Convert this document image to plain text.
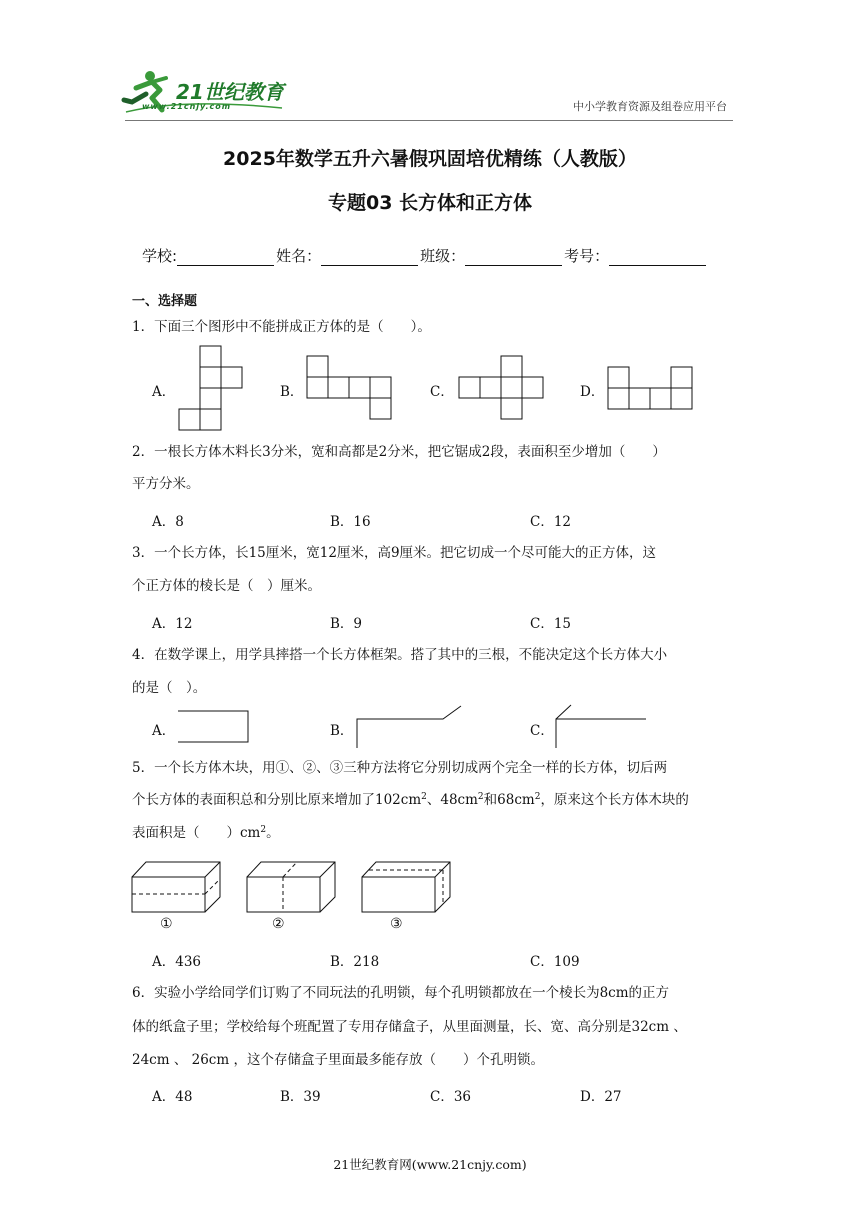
21世纪教育
www.21cnjy.com	中小学教育资源及组卷应用平台
2025年数学五升六暑假巩固培优精练（人教版）
专题03 长方体和正方体
学校:	姓名：	班级：	考号：
一、选择题
1．下面三个图形中不能拼成正方体的是（　　）。
A．	B．	C．	D．
2．一根长方体木料长3分米，宽和高都是2分米，把它锯成2段，表面积至少增加（　　）
平方分米。
A．8	B．16	C．12
3．一个长方体，长15厘米，宽12厘米，高9厘米。把它切成一个尽可能大的正方体，这
个正方体的棱长是（　）厘米。
A．12	B．9	C．15
4．在数学课上，用学具摔搭一个长方体框架。搭了其中的三根，不能决定这个长方体大小
的是（　）。
A．	B．	C．
5．一个长方体木块，用①、②、③三种方法将它分别切成两个完全一样的长方体，切后两
个长方体的表面积总和分别比原来增加了$102cm^2$、$48cm^2$和$68cm^2$，原来这个长方体木块的
表面积是（　　）$cm^2$。
①	②	③
A．436	B．218	C．109
6．实验小学给同学们订购了不同玩法的孔明锁，每个孔明锁都放在一个棱长为8cm的正方
体的纸盒子里；学校给每个班配置了专用存储盒子，从里面测量，长、宽、高分别是32cm 、
24cm 、 26cm ，这个存储盒子里面最多能存放（　　）个孔明锁。
A．48	B．39	C．36	D．27
21世纪教育网(www.21cnjy.com)
